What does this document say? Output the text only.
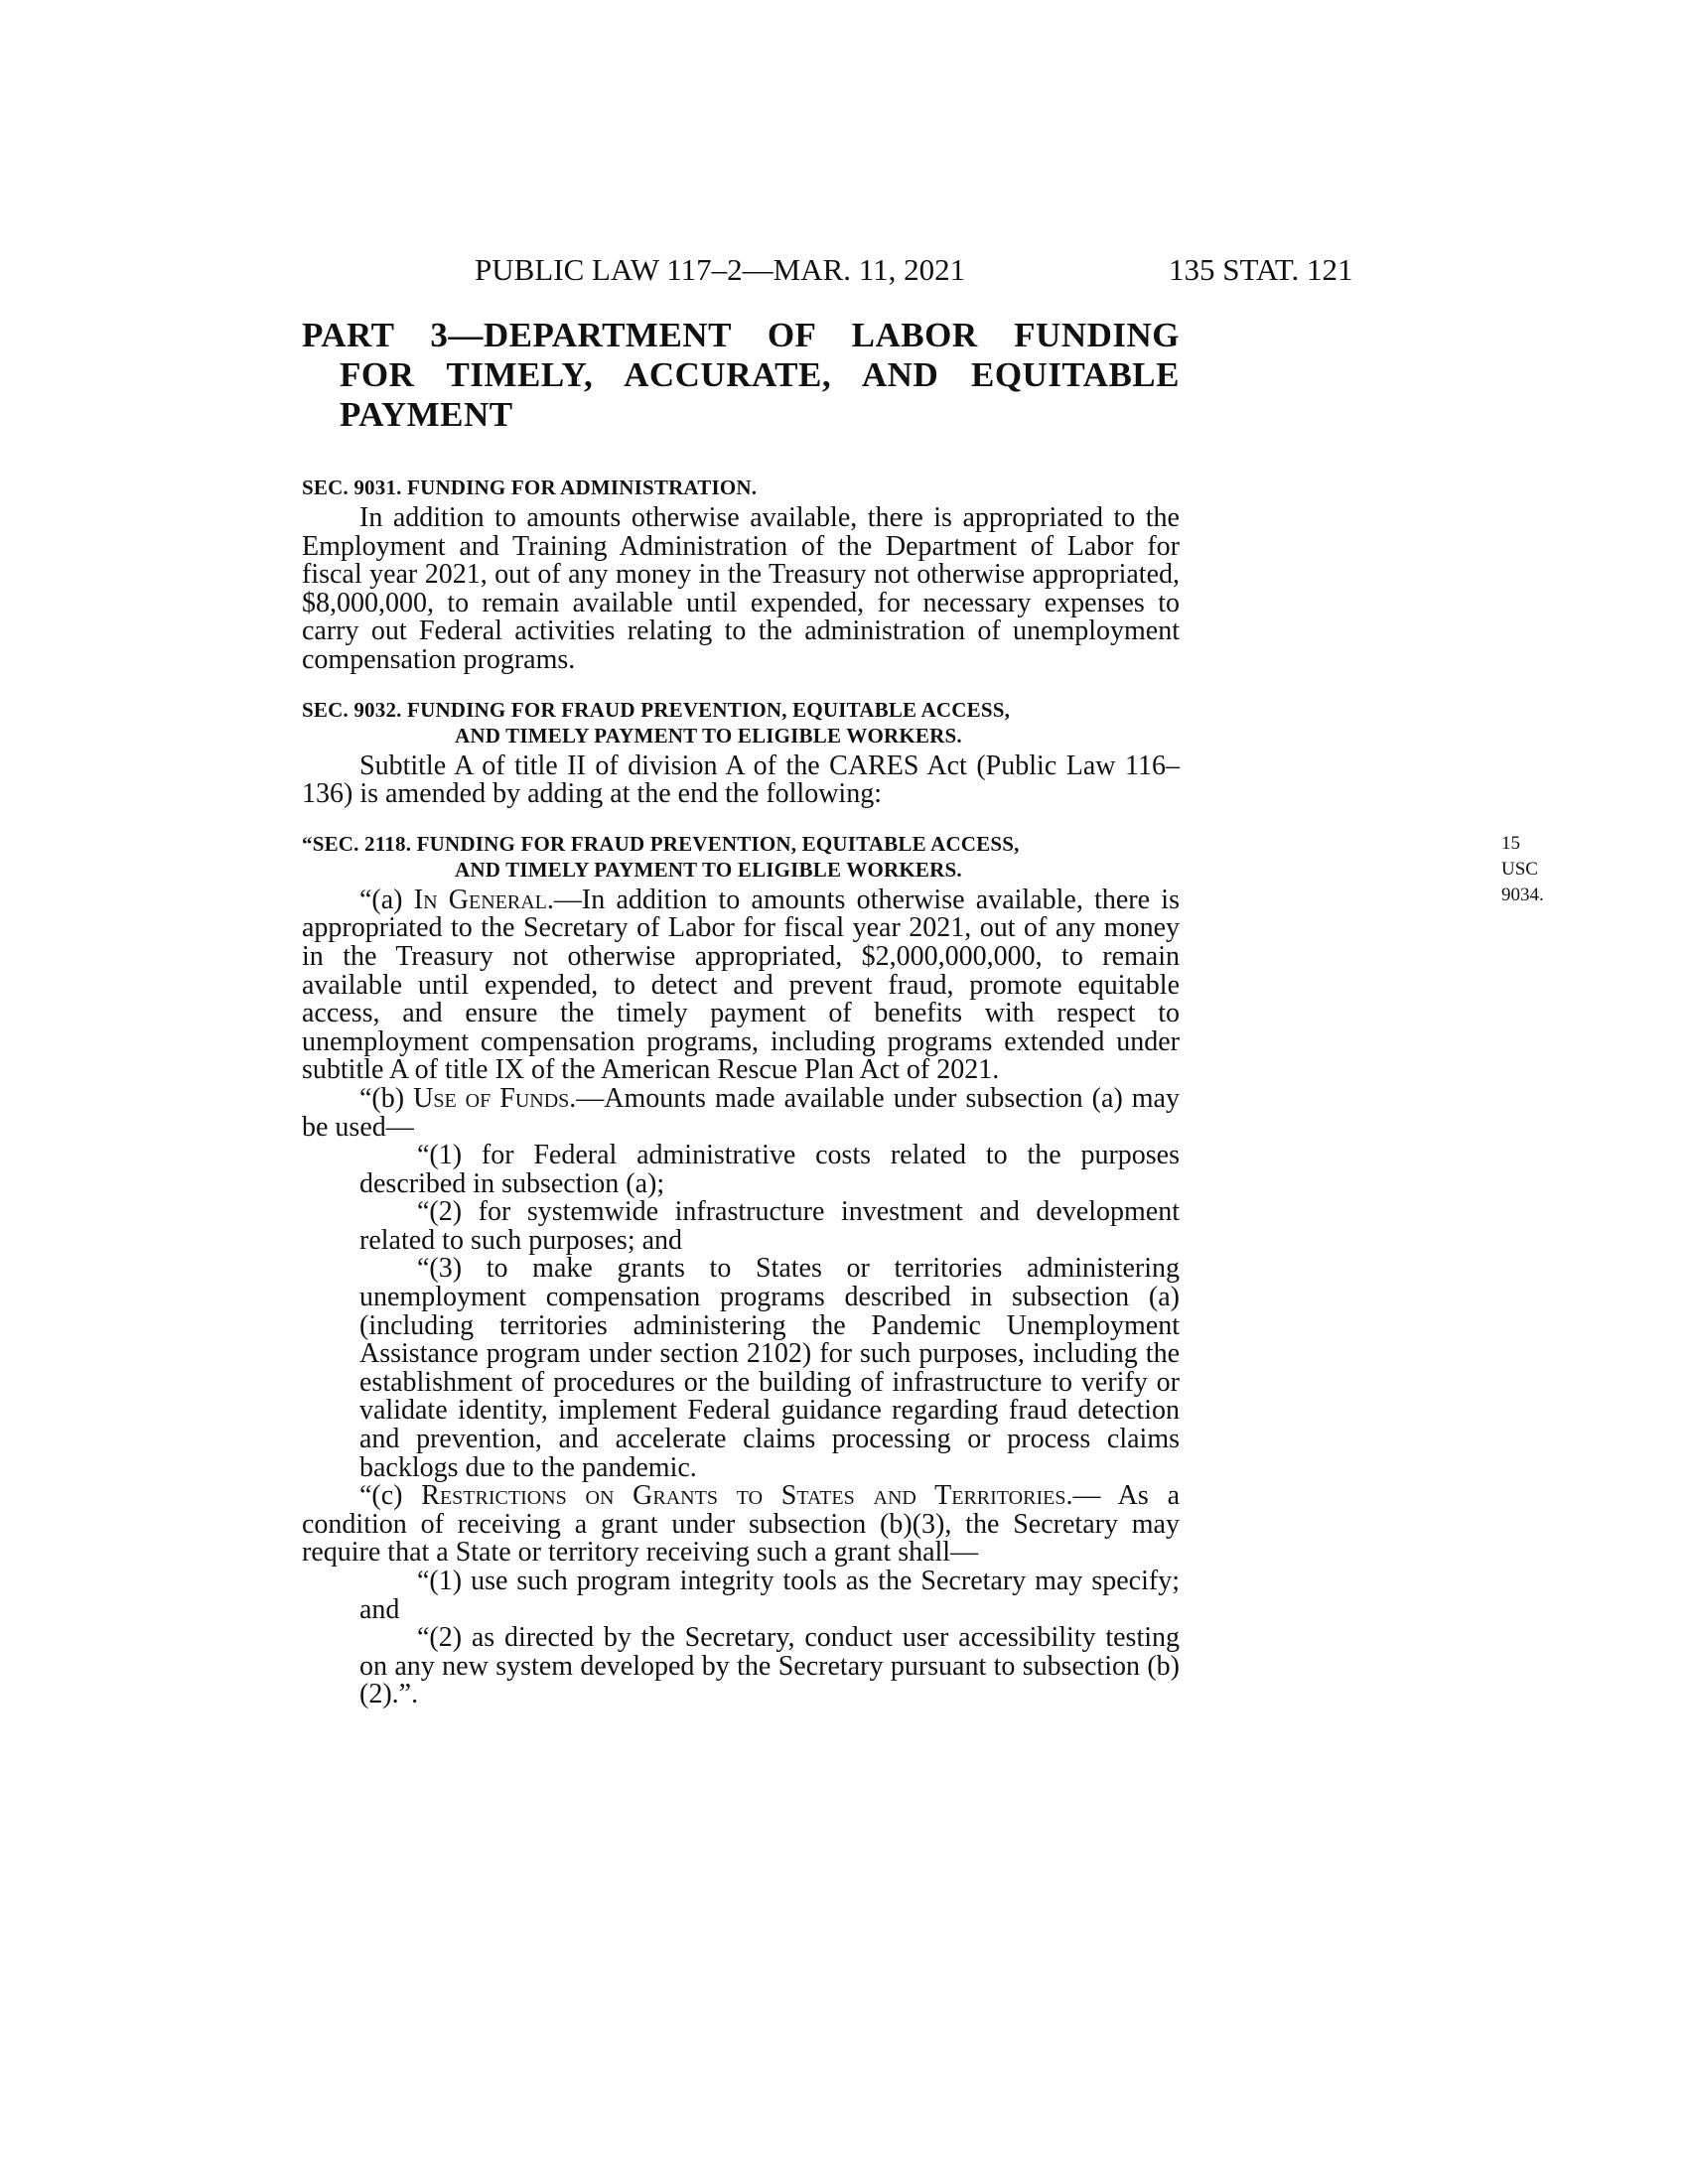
PUBLIC LAW 117–2—MAR. 11, 2021	135 STAT. 121
PART 3—DEPARTMENT OF LABOR FUNDING
FOR TIMELY, ACCURATE, AND EQUITABLE
PAYMENT
SEC. 9031. FUNDING FOR ADMINISTRATION.

In addition to amounts otherwise available, there is appropriated to the Employment and Training Administration of the Department of Labor for fiscal year 2021, out of any money in the Treasury not otherwise appropriated, $8,000,000, to remain available until expended, for necessary expenses to carry out Federal activities relating to the administration of unemployment compensation programs.

SEC. 9032. FUNDING FOR FRAUD PREVENTION, EQUITABLE ACCESS,
AND TIMELY PAYMENT TO ELIGIBLE WORKERS.

Subtitle A of title II of division A of the CARES Act (Public Law 116–136) is amended by adding at the end the following:

“SEC. 2118. FUNDING FOR FRAUD PREVENTION, EQUITABLE ACCESS,
AND TIMELY PAYMENT TO ELIGIBLE WORKERS.
15 USC 9034.

“(a) In General.—In addition to amounts otherwise available, there is appropriated to the Secretary of Labor for fiscal year 2021, out of any money in the Treasury not otherwise appropriated, $2,000,000,000, to remain available until expended, to detect and prevent fraud, promote equitable access, and ensure the timely payment of benefits with respect to unemployment compensation programs, including programs extended under subtitle A of title IX of the American Rescue Plan Act of 2021.

“(b) Use of Funds.—Amounts made available under subsection (a) may be used—

“(1) for Federal administrative costs related to the purposes described in subsection (a);

“(2) for systemwide infrastructure investment and development related to such purposes; and

“(3) to make grants to States or territories administering unemployment compensation programs described in subsection (a) (including territories administering the Pandemic Unemployment Assistance program under section 2102) for such purposes, including the establishment of procedures or the building of infrastructure to verify or validate identity, implement Federal guidance regarding fraud detection and prevention, and accelerate claims processing or process claims backlogs due to the pandemic.

“(c) Restrictions on Grants to States and Territories.— As a condition of receiving a grant under subsection (b)(3), the Secretary may require that a State or territory receiving such a grant shall—

“(1) use such program integrity tools as the Secretary may specify; and

“(2) as directed by the Secretary, conduct user accessibility testing on any new system developed by the Secretary pursuant to subsection (b)(2).”.
